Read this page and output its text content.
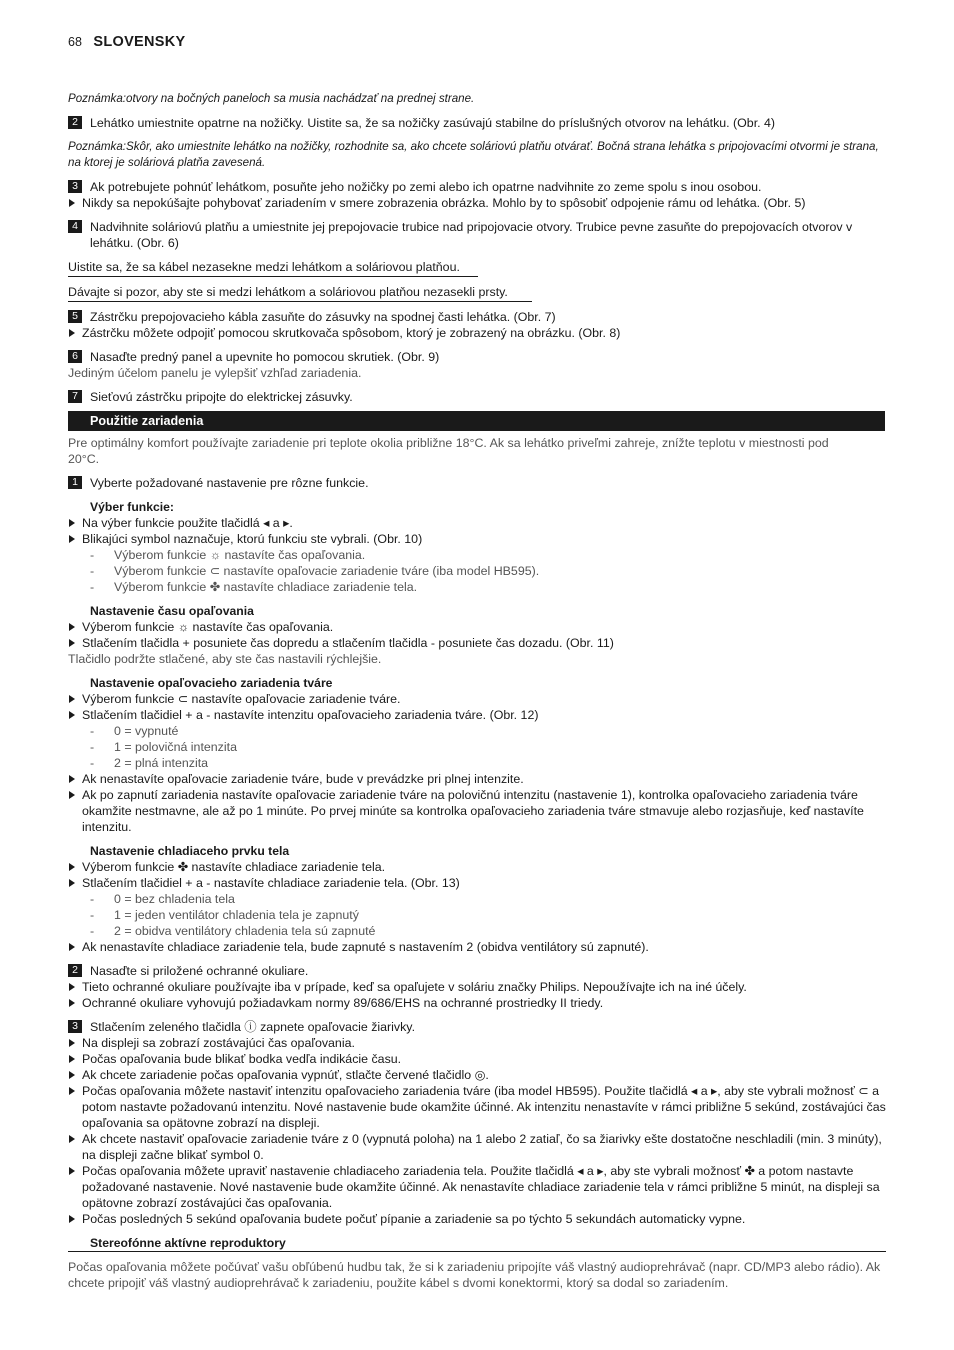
68 SLOVENSKY
Poznámka:otvory na bočných paneloch sa musia nachádzať na prednej strane.
2 Lehátko umiestnite opatrne na nožičky. Uistite sa, že sa nožičky zasúvajú stabilne do príslušných otvorov na lehátku. (Obr. 4)
Poznámka:Skôr, ako umiestnite lehátko na nožičky, rozhodnite sa, ako chcete soláriovú platňu otvárať. Bočná strana lehátka s pripojovacími otvormi je strana, na ktorej je soláriová platňa zavesená.
3 Ak potrebujete pohnúť lehátkom, posuňte jeho nožičky po zemi alebo ich opatrne nadvihnite zo zeme spolu s inou osobou.
Nikdy sa nepokúšajte pohybovať zariadením v smere zobrazenia obrázka. Mohlo by to spôsobiť odpojenie rámu od lehátka. (Obr. 5)
4 Nadvihnite soláriovú platňu a umiestnite jej prepojovacie trubice nad pripojovacie otvory. Trubice pevne zasuňte do prepojovacích otvorov v lehátku. (Obr. 6)
Uistite sa, že sa kábel nezasekne medzi lehátkom a soláriovou platňou.
Dávajte si pozor, aby ste si medzi lehátkom a soláriovou platňou nezasekli prsty.
5 Zástrčku prepojovacieho kábla zasuňte do zásuvky na spodnej časti lehátka. (Obr. 7)
Zástrčku môžete odpojiť pomocou skrutkovača spôsobom, ktorý je zobrazený na obrázku. (Obr. 8)
6 Nasaďte predný panel a upevnite ho pomocou skrutiek. (Obr. 9)
Jediným účelom panelu je vylepšiť vzhľad zariadenia.
7 Sieťovú zástrčku pripojte do elektrickej zásuvky.
Použitie zariadenia
Pre optimálny komfort používajte zariadenie pri teplote okolia približne 18°C. Ak sa lehátko priveľmi zahreje, znížte teplotu v miestnosti pod 20°C.
1 Vyberte požadované nastavenie pre rôzne funkcie.
Výber funkcie:
Na výber funkcie použite tlačidlá ◂ a ▸.
Blikajúci symbol naznačuje, ktorú funkciu ste vybrali. (Obr. 10)
- Výberom funkcie ☼ nastavíte čas opaľovania.
- Výberom funkcie ⊂ nastavíte opaľovacie zariadenie tváre (iba model HB595).
- Výberom funkcie ✤ nastavíte chladiace zariadenie tela.
Nastavenie času opaľovania
Výberom funkcie ☼ nastavíte čas opaľovania.
Stlačením tlačidla + posuniete čas dopredu a stlačením tlačidla - posuniete čas dozadu. (Obr. 11)
Tlačidlo podržte stlačené, aby ste čas nastavili rýchlejšie.
Nastavenie opaľovacieho zariadenia tváre
Výberom funkcie ⊂ nastavíte opaľovacie zariadenie tváre.
Stlačením tlačidiel + a - nastavíte intenzitu opaľovacieho zariadenia tváre. (Obr. 12)
- 0 = vypnuté
- 1 = polovičná intenzita
- 2 = plná intenzita
Ak nenastavíte opaľovacie zariadenie tváre, bude v prevádzke pri plnej intenzite.
Ak po zapnutí zariadenia nastavíte opaľovacie zariadenie tváre na polovičnú intenzitu (nastavenie 1), kontrolka opaľovacieho zariadenia tváre okamžite nestmavne, ale až po 1 minúte. Po prvej minúte sa kontrolka opaľovacieho zariadenia tváre stmavuje alebo rozjasňuje, keď nastavíte intenzitu.
Nastavenie chladiaceho prvku tela
Výberom funkcie ✤ nastavíte chladiace zariadenie tela.
Stlačením tlačidiel + a - nastavíte chladiace zariadenie tela. (Obr. 13)
- 0 = bez chladenia tela
- 1 = jeden ventilátor chladenia tela je zapnutý
- 2 = obidva ventilátory chladenia tela sú zapnuté
Ak nenastavíte chladiace zariadenie tela, bude zapnuté s nastavením 2 (obidva ventilátory sú zapnuté).
2 Nasaďte si priložené ochranné okuliare.
Tieto ochranné okuliare používajte iba v prípade, keď sa opaľujete v soláriu značky Philips. Nepoužívajte ich na iné účely.
Ochranné okuliare vyhovujú požiadavkam normy 89/686/EHS na ochranné prostriedky II triedy.
3 Stlačením zeleného tlačidla ⓘ zapnete opaľovacie žiarivky.
Na displeji sa zobrazí zostávajúci čas opaľovania.
Počas opaľovania bude blikať bodka vedľa indikácie času.
Ak chcete zariadenie počas opaľovania vypnúť, stlačte červené tlačidlo ◎.
Počas opaľovania môžete nastaviť intenzitu opaľovacieho zariadenia tváre (iba model HB595). Použite tlačidlá ◂ a ▸, aby ste vybrali možnosť ⊂ a potom nastavte požadovanú intenzitu. Nové nastavenie bude okamžite účinné. Ak intenzitu nenastavíte v rámci približne 5 sekúnd, zostávajúci čas opaľovania sa opätovne zobrazí na displeji.
Ak chcete nastaviť opaľovacie zariadenie tváre z 0 (vypnutá poloha) na 1 alebo 2 zatiaľ, čo sa žiarivky ešte dostatočne neschladili (min. 3 minúty), na displeji začne blikať symbol 0.
Počas opaľovania môžete upraviť nastavenie chladiaceho zariadenia tela. Použite tlačidlá ◂ a ▸, aby ste vybrali možnosť ✤ a potom nastavte požadované nastavenie. Nové nastavenie bude okamžite účinné. Ak nenastavíte chladiace zariadenie tela v rámci približne 5 minút, na displeji sa opätovne zobrazí zostávajúci čas opaľovania.
Počas posledných 5 sekúnd opaľovania budete počuť pípanie a zariadenie sa po týchto 5 sekundách automaticky vypne.
Stereofónne aktívne reproduktory
Počas opaľovania môžete počúvať vašu obľúbenú hudbu tak, že si k zariadeniu pripojíte váš vlastný audioprehrávač (napr. CD/MP3 alebo rádio). Ak chcete pripojiť váš vlastný audioprehrávač k zariadeniu, použite kábel s dvomi konektormi, ktorý sa dodal so zariadením.
